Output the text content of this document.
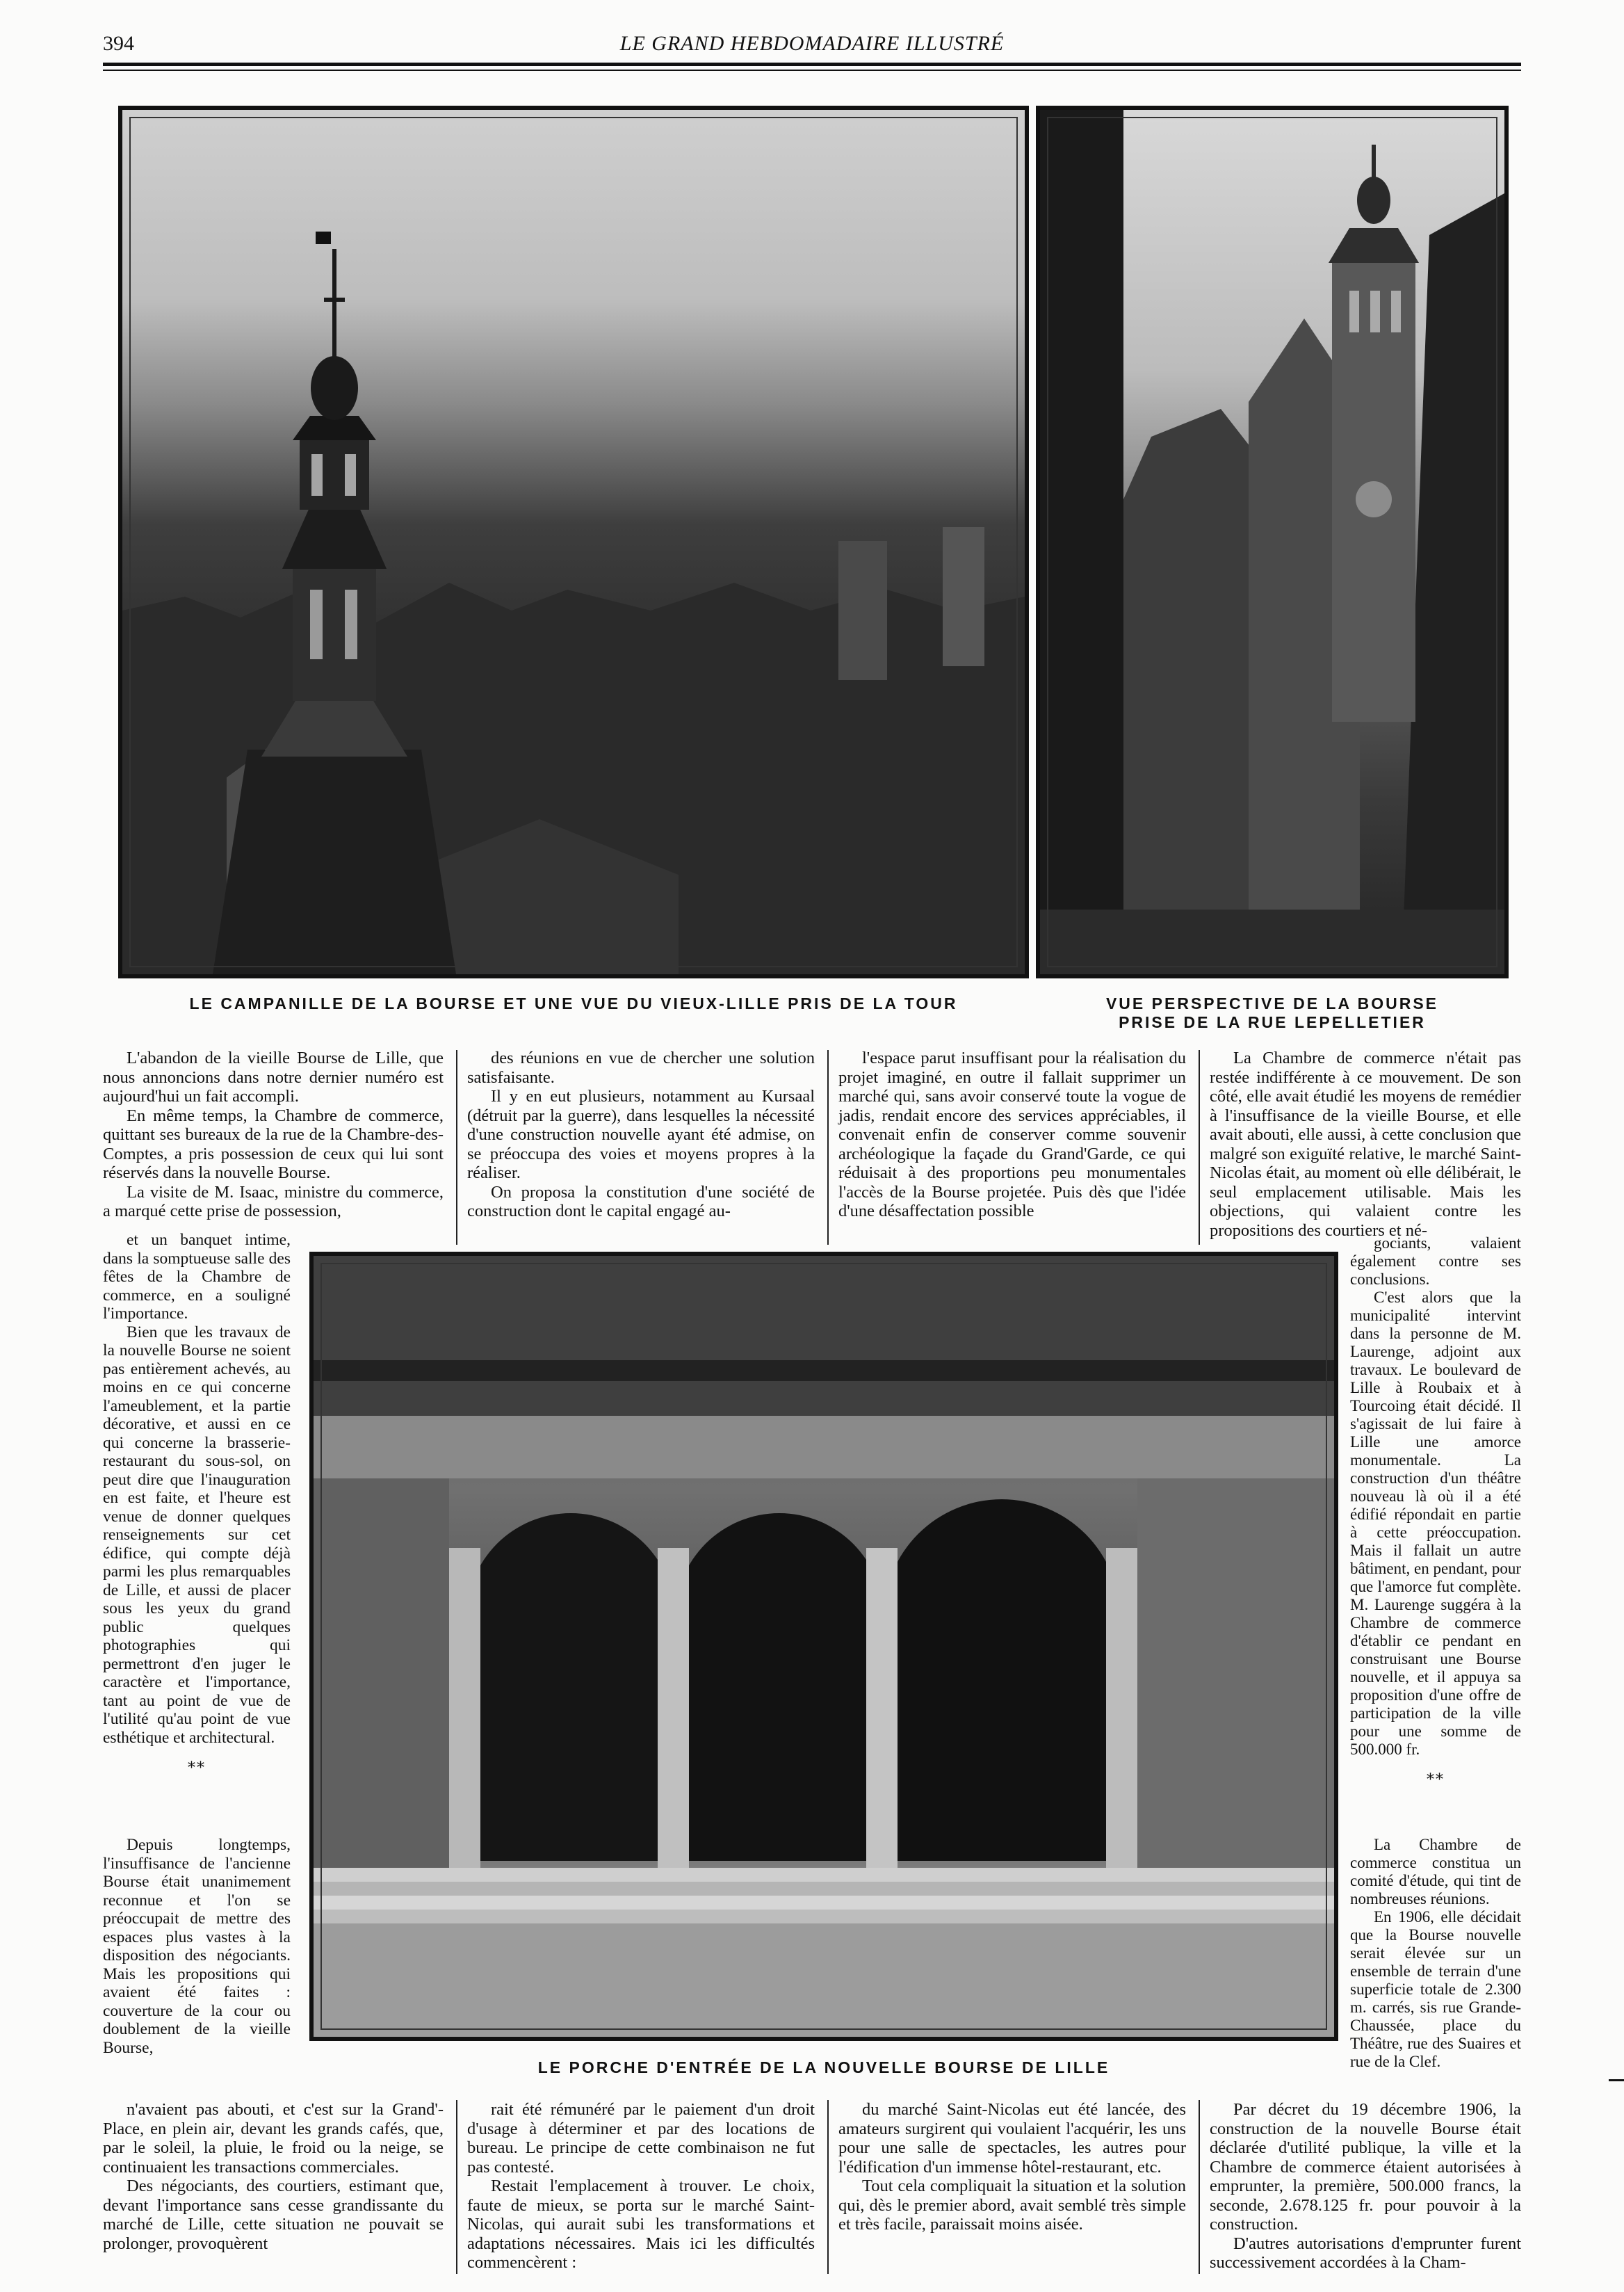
394	LE GRAND HEBDOMADAIRE ILLUSTRÉ
LE CAMPANILLE DE LA BOURSE ET UNE VUE DU VIEUX-LILLE PRIS DE LA TOUR	VUE PERSPECTIVE DE LA BOURSE
PRISE DE LA RUE LEPELLETIER
LE PORCHE D'ENTRÉE DE LA NOUVELLE BOURSE DE LILLE

L'abandon de la vieille Bourse de Lille, que nous annoncions dans notre dernier numéro est aujourd'hui un fait accompli.

En même temps, la Chambre de commerce, quittant ses bureaux de la rue de la Chambre-des-Comptes, a pris possession de ceux qui lui sont réservés dans la nouvelle Bourse.

La visite de M. Isaac, ministre du commerce, a marqué cette prise de possession,

et un banquet intime, dans la somptueuse salle des fêtes de la Chambre de commerce, en a souligné l'importance.

Bien que les travaux de la nouvelle Bourse ne soient pas entièrement achevés, au moins en ce qui concerne l'ameublement, et la partie décorative, et aussi en ce qui concerne la brasserie-restaurant du sous-sol, on peut dire que l'inauguration en est faite, et l'heure est venue de donner quelques renseignements sur cet édifice, qui compte déjà parmi les plus remarquables de Lille, et aussi de placer sous les yeux du grand public quelques photographies qui permettront d'en juger le caractère et l'importance, tant au point de vue de l'utilité qu'au point de vue esthétique et architectural.

⁎⁎

Depuis longtemps, l'insuffisance de l'ancienne Bourse était unanimement reconnue et l'on se préoccupait de mettre des espaces plus vastes à la disposition des négociants. Mais les propositions qui avaient été faites : couverture de la cour ou doublement de la vieille Bourse,

n'avaient pas abouti, et c'est sur la Grand'-Place, en plein air, devant les grands cafés, que, par le soleil, la pluie, le froid ou la neige, se continuaient les transactions commerciales.

Des négociants, des courtiers, estimant que, devant l'importance sans cesse grandissante du marché de Lille, cette situation ne pouvait se prolonger, provoquèrent

des réunions en vue de chercher une solution satisfaisante.

Il y en eut plusieurs, notamment au Kursaal (détruit par la guerre), dans lesquelles la nécessité d'une construction nouvelle ayant été admise, on se préoccupa des voies et moyens propres à la réaliser.

On proposa la constitution d'une société de construction dont le capital engagé au-

rait été rémunéré par le paiement d'un droit d'usage à déterminer et par des locations de bureau. Le principe de cette combinaison ne fut pas contesté.

Restait l'emplacement à trouver. Le choix, faute de mieux, se porta sur le marché Saint-Nicolas, qui aurait subi les transformations et adaptations nécessaires. Mais ici les difficultés commencèrent :

l'espace parut insuffisant pour la réalisation du projet imaginé, en outre il fallait supprimer un marché qui, sans avoir conservé toute la vogue de jadis, rendait encore des services appréciables, il convenait enfin de conserver comme souvenir archéologique la façade du Grand'Garde, ce qui réduisait à des proportions peu monumentales l'accès de la Bourse projetée. Puis dès que l'idée d'une désaffectation possible

du marché Saint-Nicolas eut été lancée, des amateurs surgirent qui voulaient l'acquérir, les uns pour une salle de spectacles, les autres pour l'édification d'un immense hôtel-restaurant, etc.

Tout cela compliquait la situation et la solution qui, dès le premier abord, avait semblé très simple et très facile, paraissait moins aisée.

La Chambre de commerce n'était pas restée indifférente à ce mouvement. De son côté, elle avait étudié les moyens de remédier à l'insuffisance de la vieille Bourse, et elle avait abouti, elle aussi, à cette conclusion que malgré son exiguïté relative, le marché Saint-Nicolas était, au moment où elle délibérait, le seul emplacement utilisable. Mais les objections, qui valaient contre les propositions des courtiers et né-

gociants, valaient également contre ses conclusions.

C'est alors que la municipalité intervint dans la personne de M. Laurenge, adjoint aux travaux. Le boulevard de Lille à Roubaix et à Tourcoing était décidé. Il s'agissait de lui faire à Lille une amorce monumentale. La construction d'un théâtre nouveau là où il a été édifié répondait en partie à cette préoccupation. Mais il fallait un autre bâtiment, en pendant, pour que l'amorce fut complète. M. Laurenge suggéra à la Chambre de commerce d'établir ce pendant en construisant une Bourse nouvelle, et il appuya sa proposition d'une offre de participation de la ville pour une somme de 500.000 fr.

⁎⁎

La Chambre de commerce constitua un comité d'étude, qui tint de nombreuses réunions.

En 1906, elle décidait que la Bourse nouvelle serait élevée sur un ensemble de terrain d'une superficie totale de 2.300 m. carrés, sis rue Grande-Chaussée, place du Théâtre, rue des Suaires et rue de la Clef.

Par décret du 19 décembre 1906, la construction de la nouvelle Bourse était déclarée d'utilité publique, la ville et la Chambre de commerce étaient autorisées à emprunter, la première, 500.000 francs, la seconde, 2.678.125 fr. pour pouvoir à la construction.

D'autres autorisations d'emprunter furent successivement accordées à la Cham-
